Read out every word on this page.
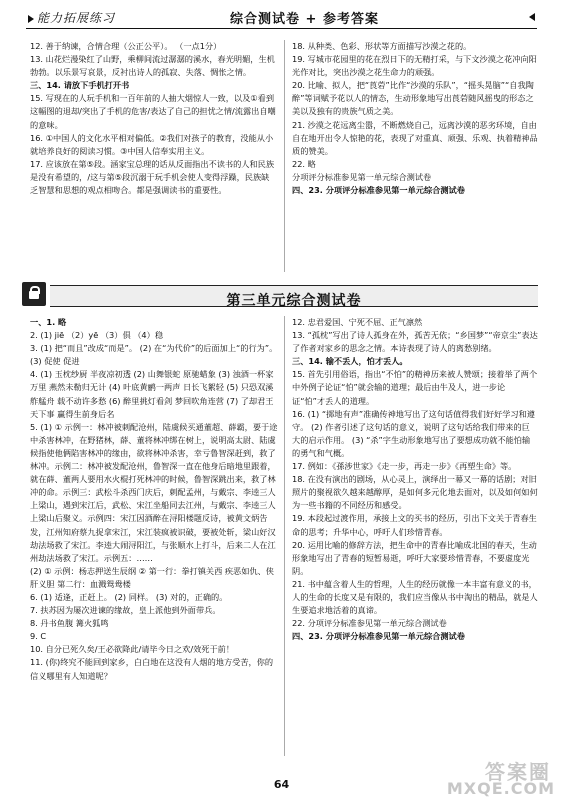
能力拓展练习	综合测试卷 + 参考答案

12. 善于纳谏，合情合理（公正公平）。 （一点1分）

13. 山花烂漫染红了山野，乘柳间流过潺潺的溪水，春光明媚，生机勃勃。以乐景写哀景，反衬出诗人的孤寂、失落、惆怅之情。

三、14. 请放下手机打开书

15. 写现在的人玩手机和一百年前的人抽大烟惊人一致，以及①看到这幅图的退却/突出了手机的危害/表达了自己的担忧之情/流露出自嘲的意味。

16. ①中国人的文化水平相对偏低。②我们对孩子的教育，没能从小就培养良好的阅读习惯。③中国人信奉实用主义。

17. 应该放在第⑤段。涵家宝总理的话从反面指出不读书的人和民族是没有希望的，/这与第⑤段沉溺于玩手机会使人变得浮躁，民族缺乏智慧和思想的观点相吻合。都是强调读书的重要性。

18. 从种类、色彩、形状等方面描写沙漠之花的。

19. 写城市花园里的花在烈日下的无精打采，与下文沙漠之花冲向阳光作对比，突出沙漠之花生命力的顽强。

20. 比喻、拟人，把“莨菪”比作“沙漠的乐队”，“摇头晃脑”“自我陶醉”等词赋予花以人的情态，生动形象地写出莨菪随风摇曳的形态之美以及独有的贵族气质之美。

21. 沙漠之花远离尘嚣，不断燃烧自己，远离沙漠的恶劣环境，自由自在地开出令人惊艳的花，表现了对重真、顽强、乐观、执着精神品质的赞美。

22. 略

分项评分标准参见第一单元综合测试卷

四、23. 分项评分标准参见第一单元综合测试卷

第三单元综合测试卷

一、1. 略

2. (1) jiē （2）yē （3）倶 （4）稳

3. (1) 把“而且”改成“而是”。 (2) 在“为代价”的后面加上“的行为”。 (3) 促使 促进

4. (1) 玉枕纱厨 半夜凉初透 (2) 山舞银蛇 原驰蜡象 (3) 浊酒一杯家万里 燕然未勒归无计 (4) 叶底黄鹂一两声 日长飞絮轻 (5) 只恐双溪舴艋舟 载不动许多愁 (6) 醉里挑灯看剑 梦回吹角连营 (7) 了却君王天下事 赢得生前身后名

5. (1) ① 示例一：林冲被刺配沧州，陆虞候买通董超、薛霸，要于途中杀害林冲，在野猪林，薛、董将林冲绑在树上，说明高太尉、陆虞候指使他俩陷害林冲的缘由，欲将林冲杀害，幸亏鲁智深赶到，救了林冲。示例二：林冲被发配沧州，鲁智深一直在他身后暗地里跟着，就在薛、董两人要用水火棍打死林冲的时候，鲁智深跳出来，救了林冲的命。示例三：武松斗杀西门庆后，刺配孟州，与戴宗、李逵三人上梁山，遇到宋江后，武松、宋江坐船同去江州，与戴宗、李逵三人上梁山后聚义。示例四：宋江因酒醉在浔阳楼题反诗，被黄文炳告发，江州知府蔡九捉拿宋江，宋江装疯被识破，要被处斩，梁山好汉劫法场救了宋江。李逵大闹浔阳江，与张顺水上打斗，后来二人在江州劫法场救了宋江。示例五：……

(2) ① 示例：杨志押送生辰纲 ② 第一行：拳打镇关西 疾恶如仇、侠肝义胆 第二行：血溅鸳鸯楼

6. (1) 适逢，正赶上。 (2) 同样。 (3) 对的，正确的。

7. 扶苏因为屡次进谏的缘故，皇上派他到外面带兵。

8. 丹书鱼腹 篝火狐鸣

9. C

10. 自分已死久矣/王必欲降此/请毕今日之欢/效死于前！

11. (你)终究不能回到家乡，白白地在这没有人烟的地方受苦，你的信义哪里有人知道呢？

12. 忠君爱国、宁死不屈、正气凛然

13. “孤枕”写出了诗人孤身在外，孤苦无依；“乡国梦”“帝京尘”表达了作者对家乡的思念之情。本诗表现了诗人的离愁别绪。

三、14. 输不丢人，怕才丢人。

15. 首先引用俗语，指出“不怕”的精神历来被人赞颂；接着举了两个中外例子论证“怕”就会输的道理；最后由牛及人，进一步论证“怕”才丢人的道理。

16. (1) “掷地有声”准确传神地写出了这句话值得我们好好学习和遵守。 (2) 作者引述了这句话的意义，说明了这句话给我们带来的巨大的启示作用。 (3) “杀”字生动形象地写出了要想成功就不能怕输的勇气和气概。

17. 例如：《孫涉世家》《走一步，再走一步》《再塑生命》等。

18. 在没有演出的剧场，从心灵上，演绎出一幕又一幕的话剧；对旧照片的聚视欲久越来越醇厚，是如何多元化地去面对，以及如何如何为一些书籍的不同经历和感受。

19. 本段起过渡作用，承接上文的买书的经历，引出下文关于青春生命的思考；升华中心，呼吁人们珍惜青春。

20. 运用比喻的修辞方法，把生命中的青春比喻成北国的春天，生动形象地写出了青春的短暂易逝，呼吁大家要珍惜青春，不要虚度光阴。

21. 书中蕴含着人生的哲理，人生的经历就像一本丰富有意义的书，人的生命的长度又是有限的，我们应当像从书中淘出的精品，就是人生要追求地活着的真谛。

22. 分项评分标准参见第一单元综合测试卷

四、23. 分项评分标准参见第一单元综合测试卷

64
答案圈
MXQE.COM
